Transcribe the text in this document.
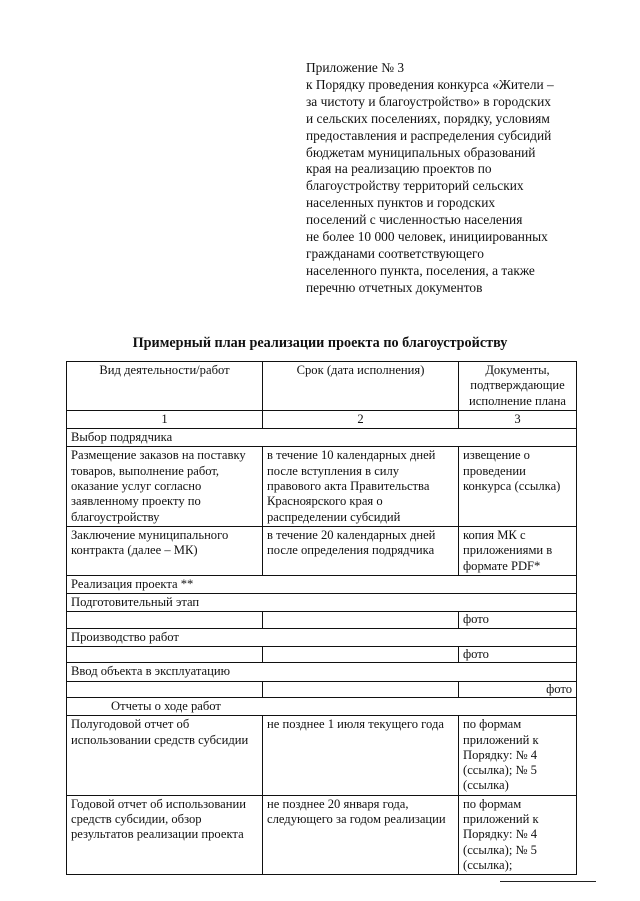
Приложение № 3
к Порядку проведения конкурса «Жители –
за чистоту и благоустройство» в городских
и сельских поселениях, порядку, условиям
предоставления и распределения субсидий
бюджетам муниципальных образований
края на реализацию проектов по
благоустройству территорий сельских
населенных пунктов и городских
поселений с численностью населения
не более 10 000 человек, инициированных
гражданами соответствующего
населенного пункта, поселения, а также
перечню отчетных документов
Примерный план реализации проекта по благоустройству
Вид деятельности/работ	Срок (дата исполнения)	Документы, подтверждающие исполнение плана
1	2	3
Выбор подрядчика		
Размещение заказов на поставку товаров, выполнение работ, оказание услуг согласно заявленному проекту по благоустройству	в течение 10 календарных дней после вступления в силу правового акта Правительства Красноярского края о распределении субсидий	извещение о проведении конкурса (ссылка)
Заключение муниципального контракта (далее – МК)	в течение 20 календарных дней после определения подрядчика	копия МК с приложениями в формате PDF*
Реализация проекта **		
Подготовительный этап		
		фото
Производство работ		
		фото
Ввод объекта в эксплуатацию		
		фото
Отчеты о ходе работ		
Полугодовой отчет об использовании средств субсидии	не позднее 1 июля текущего года	по формам приложений к Порядку: № 4 (ссылка); № 5 (ссылка)
Годовой отчет об использовании средств субсидии, обзор результатов реализации проекта	не позднее 20 января года, следующего за годом реализации	по формам приложений к Порядку: № 4 (ссылка); № 5 (ссылка);
